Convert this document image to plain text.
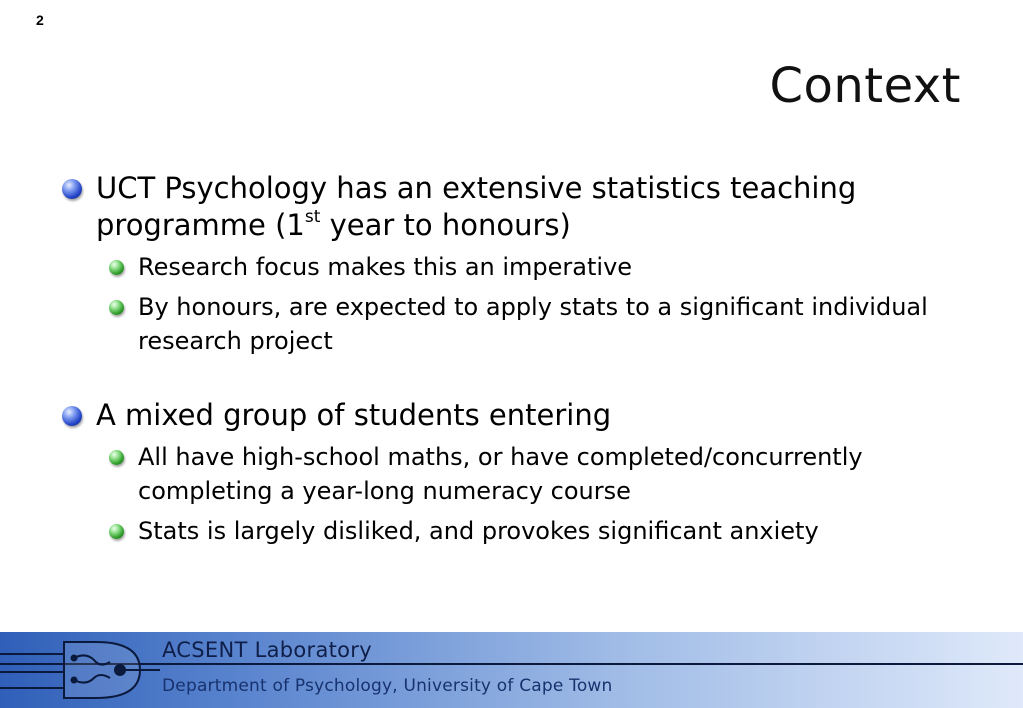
2
Context

UCT Psychology has an extensive statistics teaching programme (1st year to honours)

Research focus makes this an imperative

By honours, are expected to apply stats to a significant individual research project

A mixed group of students entering

All have high-school maths, or have completed/concurrently completing a year-long numeracy course

Stats is largely disliked, and provokes significant anxiety

ACSENT Laboratory
Department of Psychology, University of Cape Town
